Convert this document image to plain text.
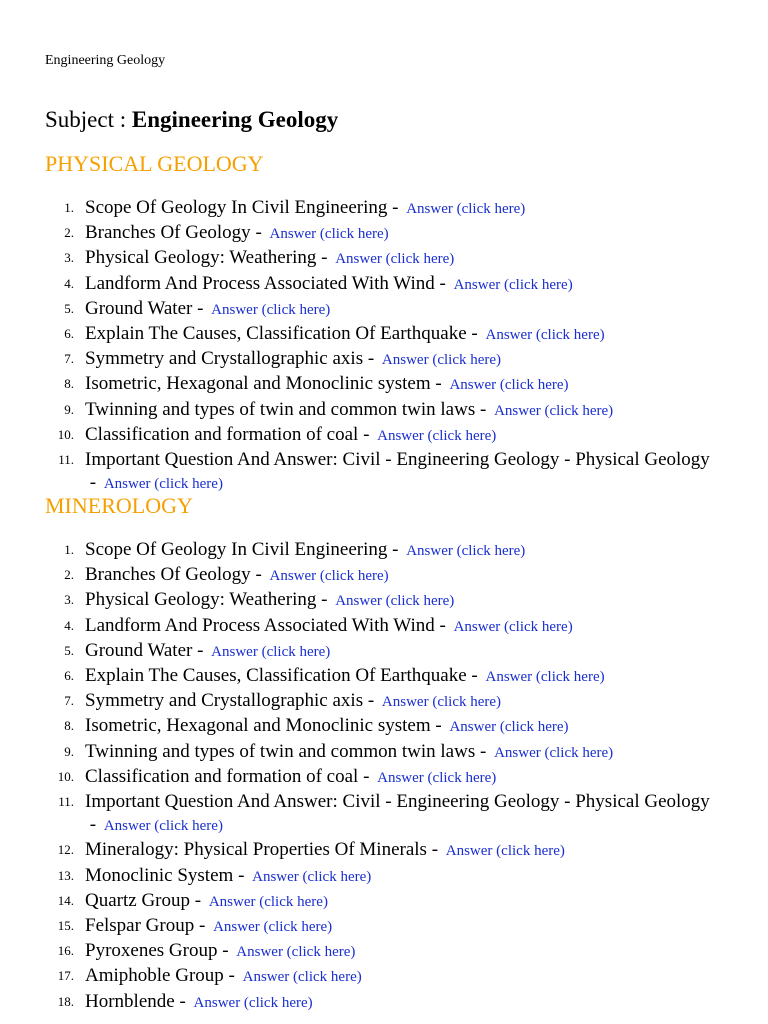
Engineering Geology

Subject : Engineering Geology
PHYSICAL GEOLOGY
1. Scope Of Geology In Civil Engineering - Answer (click here)
2. Branches Of Geology - Answer (click here)
3. Physical Geology: Weathering - Answer (click here)
4. Landform And Process Associated With Wind - Answer (click here)
5. Ground Water - Answer (click here)
6. Explain The Causes, Classification Of Earthquake - Answer (click here)
7. Symmetry and Crystallographic axis - Answer (click here)
8. Isometric, Hexagonal and Monoclinic system - Answer (click here)
9. Twinning and types of twin and common twin laws - Answer (click here)
10. Classification and formation of coal - Answer (click here)
11. Important Question And Answer: Civil - Engineering Geology - Physical Geology - Answer (click here)
MINEROLOGY
1. Scope Of Geology In Civil Engineering - Answer (click here)
2. Branches Of Geology - Answer (click here)
3. Physical Geology: Weathering - Answer (click here)
4. Landform And Process Associated With Wind - Answer (click here)
5. Ground Water - Answer (click here)
6. Explain The Causes, Classification Of Earthquake - Answer (click here)
7. Symmetry and Crystallographic axis - Answer (click here)
8. Isometric, Hexagonal and Monoclinic system - Answer (click here)
9. Twinning and types of twin and common twin laws - Answer (click here)
10. Classification and formation of coal - Answer (click here)
11. Important Question And Answer: Civil - Engineering Geology - Physical Geology - Answer (click here)
12. Mineralogy: Physical Properties Of Minerals - Answer (click here)
13. Monoclinic System - Answer (click here)
14. Quartz Group - Answer (click here)
15. Felspar Group - Answer (click here)
16. Pyroxenes Group - Answer (click here)
17. Amiphoble Group - Answer (click here)
18. Hornblende - Answer (click here)
